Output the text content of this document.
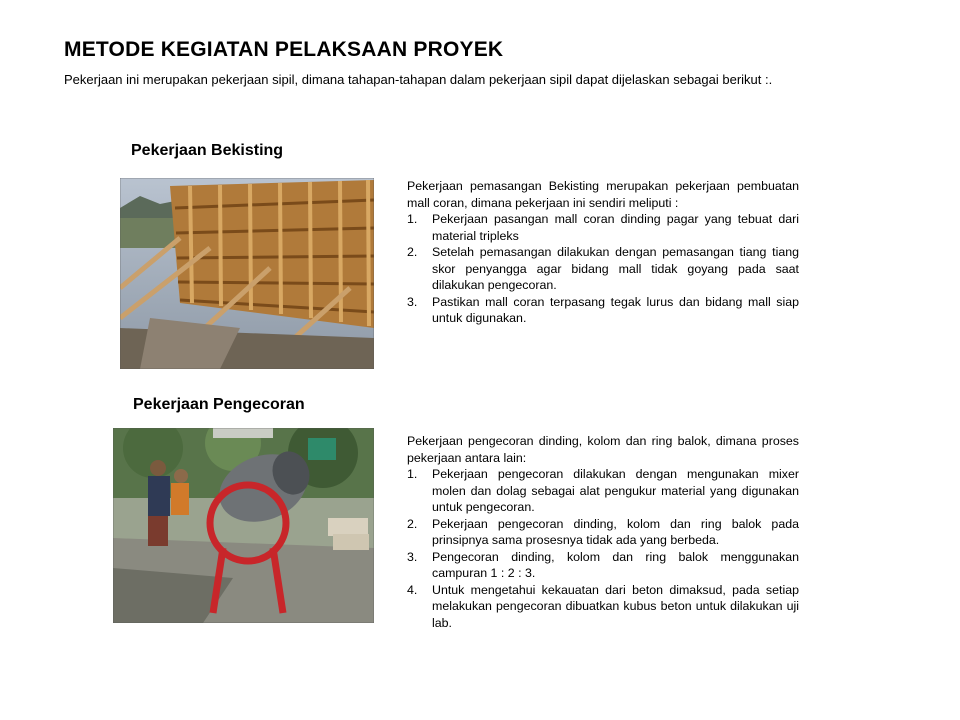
METODE KEGIATAN PELAKSAAN PROYEK
Pekerjaan ini merupakan pekerjaan sipil, dimana tahapan-tahapan dalam pekerjaan sipil dapat dijelaskan sebagai berikut :.
Pekerjaan Bekisting

Pekerjaan pemasangan Bekisting merupakan pekerjaan pembuatan mall coran, dimana pekerjaan ini sendiri meliputi :

1. Pekerjaan pasangan mall coran dinding pagar yang tebuat dari material tripleks
2. Setelah pemasangan dilakukan dengan pemasangan tiang tiang skor penyangga agar bidang mall tidak goyang pada saat dilakukan pengecoran.
3. Pastikan mall coran terpasang tegak lurus dan bidang mall siap untuk digunakan.
Pekerjaan Pengecoran

Pekerjaan pengecoran dinding, kolom dan ring balok, dimana proses pekerjaan antara lain:

1. Pekerjaan pengecoran dilakukan dengan mengunakan mixer molen dan dolag sebagai alat pengukur material yang digunakan untuk pengecoran.
2. Pekerjaan pengecoran dinding, kolom dan ring balok pada prinsipnya sama prosesnya tidak ada yang berbeda.
3. Pengecoran dinding, kolom dan ring balok menggunakan campuran 1 : 2 : 3.
4. Untuk mengetahui kekauatan dari beton dimaksud, pada setiap melakukan pengecoran dibuatkan kubus beton untuk dilakukan uji lab.
